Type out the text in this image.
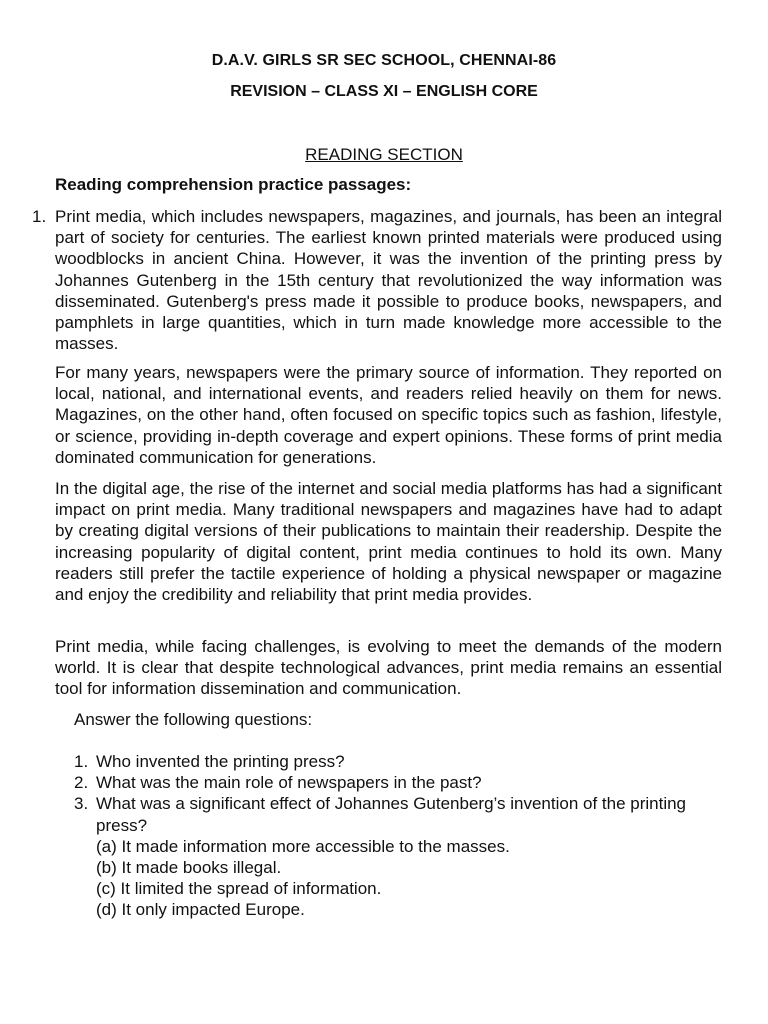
D.A.V. GIRLS SR SEC SCHOOL, CHENNAI-86
REVISION – CLASS XI – ENGLISH CORE
READING SECTION
Reading comprehension practice passages:
1. Print media, which includes newspapers, magazines, and journals, has been an integral part of society for centuries. The earliest known printed materials were produced using woodblocks in ancient China. However, it was the invention of the printing press by Johannes Gutenberg in the 15th century that revolutionized the way information was disseminated. Gutenberg's press made it possible to produce books, newspapers, and pamphlets in large quantities, which in turn made knowledge more accessible to the masses.

For many years, newspapers were the primary source of information. They reported on local, national, and international events, and readers relied heavily on them for news. Magazines, on the other hand, often focused on specific topics such as fashion, lifestyle, or science, providing in-depth coverage and expert opinions. These forms of print media dominated communication for generations.

In the digital age, the rise of the internet and social media platforms has had a significant impact on print media. Many traditional newspapers and magazines have had to adapt by creating digital versions of their publications to maintain their readership. Despite the increasing popularity of digital content, print media continues to hold its own. Many readers still prefer the tactile experience of holding a physical newspaper or magazine and enjoy the credibility and reliability that print media provides.

Print media, while facing challenges, is evolving to meet the demands of the modern world. It is clear that despite technological advances, print media remains an essential tool for information dissemination and communication.

Answer the following questions:
1. Who invented the printing press?
2. What was the main role of newspapers in the past?
3. What was a significant effect of Johannes Gutenberg’s invention of the printing press?
(a) It made information more accessible to the masses.
(b) It made books illegal.
(c) It limited the spread of information.
(d) It only impacted Europe.
